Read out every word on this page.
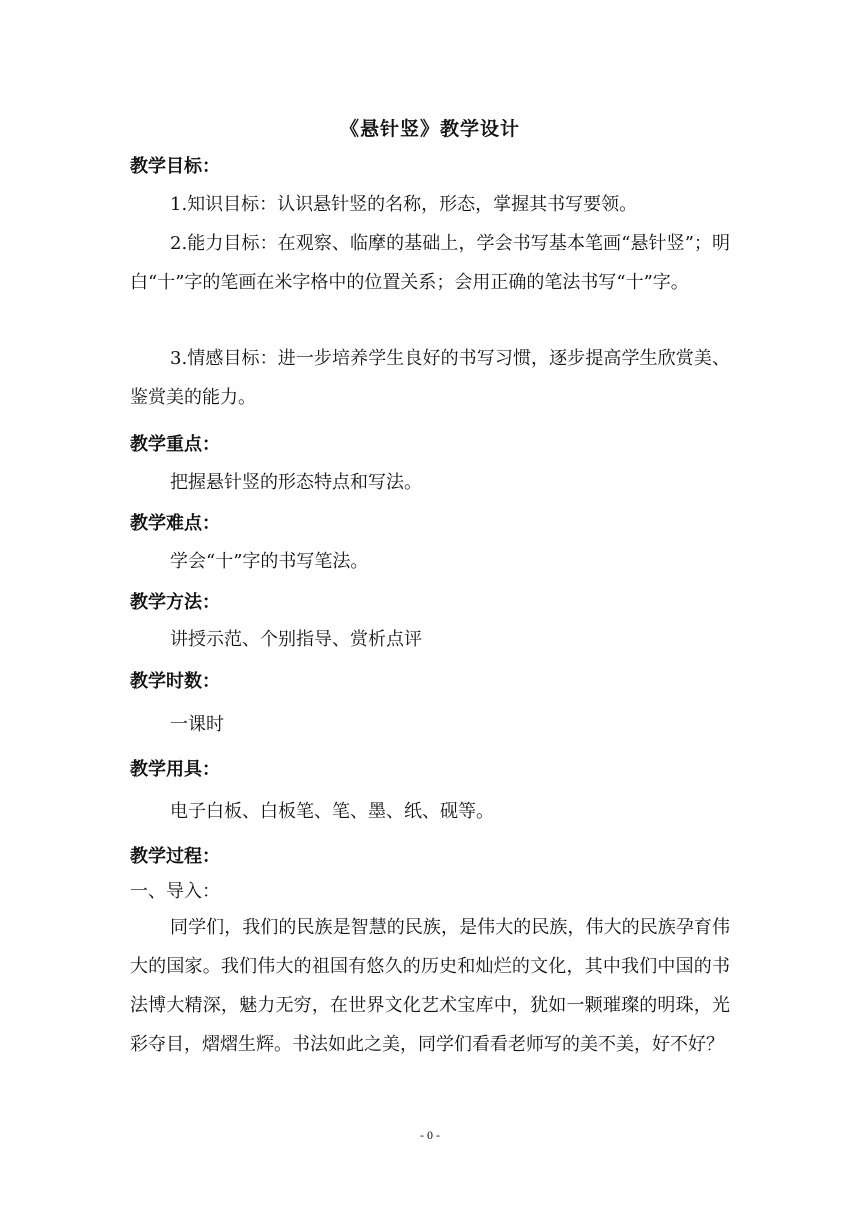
《悬针竖》教学设计
教学目标：
1.知识目标：认识悬针竖的名称，形态，掌握其书写要领。
2.能力目标：在观察、临摩的基础上，学会书写基本笔画“悬针竖”；明白“十”字的笔画在米字格中的位置关系；会用正确的笔法书写“十”字。
3.情感目标：进一步培养学生良好的书写习惯，逐步提高学生欣赏美、鉴赏美的能力。
教学重点：
把握悬针竖的形态特点和写法。
教学难点：
学会“十”字的书写笔法。
教学方法：
讲授示范、个别指导、赏析点评
教学时数：
一课时
教学用具：
电子白板、白板笔、笔、墨、纸、砚等。
教学过程：
一、导入：
同学们，我们的民族是智慧的民族，是伟大的民族，伟大的民族孕育伟大的国家。我们伟大的祖国有悠久的历史和灿烂的文化，其中我们中国的书法博大精深，魅力无穷，在世界文化艺术宝库中，犹如一颗璀璨的明珠，光彩夺目，熠熠生辉。书法如此之美，同学们看看老师写的美不美，好不好？
- 0 -
